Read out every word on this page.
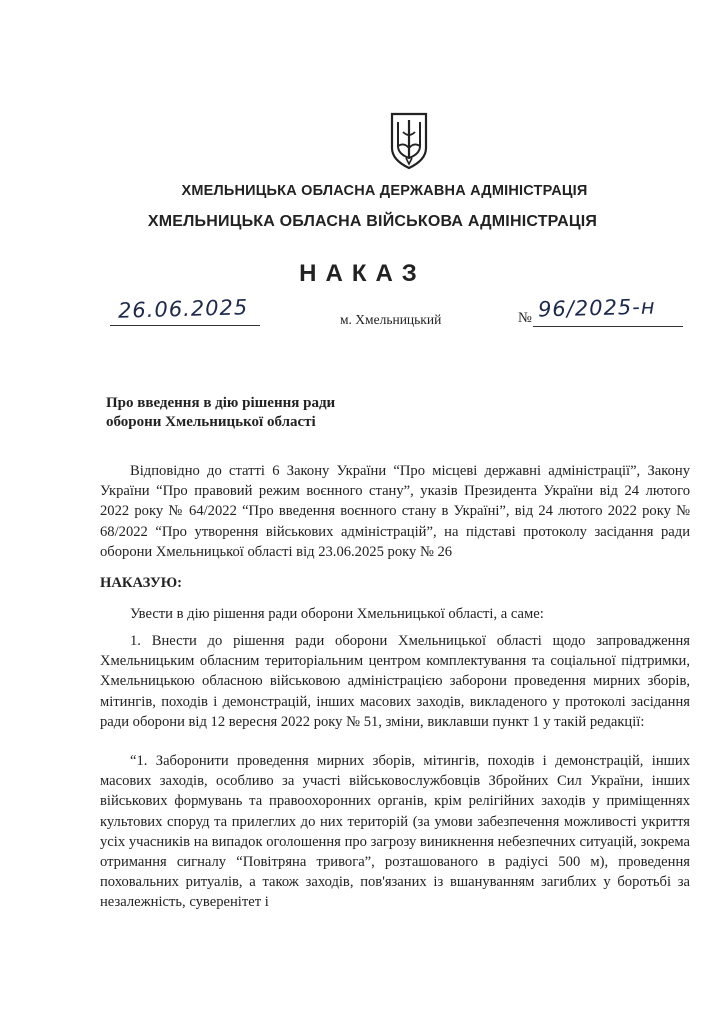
ХМЕЛЬНИЦЬКА ОБЛАСНА ДЕРЖАВНА АДМІНІСТРАЦІЯ
ХМЕЛЬНИЦЬКА ОБЛАСНА ВІЙСЬКОВА АДМІНІСТРАЦІЯ
НАКАЗ
26.06.2025	м. Хмельницький	№ 96/2025-н
Про введення в дію рішення ради
оборони Хмельницької області
Відповідно до статті 6 Закону України “Про місцеві державні адміністрації”, Закону України “Про правовий режим воєнного стану”, указів Президента України від 24 лютого 2022 року № 64/2022 “Про введення воєнного стану в Україні”, від 24 лютого 2022 року № 68/2022 “Про утворення військових адміністрацій”, на підставі протоколу засідання ради оборони Хмельницької області від 23.06.2025 року № 26
НАКАЗУЮ:
Увести в дію рішення ради оборони Хмельницької області, а саме:
1. Внести до рішення ради оборони Хмельницької області щодо запровадження Хмельницьким обласним територіальним центром комплектування та соціальної підтримки, Хмельницькою обласною військовою адміністрацією заборони проведення мирних зборів, мітингів, походів і демонстрацій, інших масових заходів, викладеного у протоколі засідання ради оборони від 12 вересня 2022 року № 51, зміни, виклавши пункт 1 у такій редакції:
“1. Заборонити проведення мирних зборів, мітингів, походів і демонстрацій, інших масових заходів, особливо за участі військовослужбовців Збройних Сил України, інших військових формувань та правоохоронних органів, крім релігійних заходів у приміщеннях культових споруд та прилеглих до них територій (за умови забезпечення можливості укриття усіх учасників на випадок оголошення про загрозу виникнення небезпечних ситуацій, зокрема отримання сигналу “Повітряна тривога”, розташованого в радіусі 500 м), проведення поховальних ритуалів, а також заходів, пов'язаних із вшануванням загиблих у боротьбі за незалежність, суверенітет і
